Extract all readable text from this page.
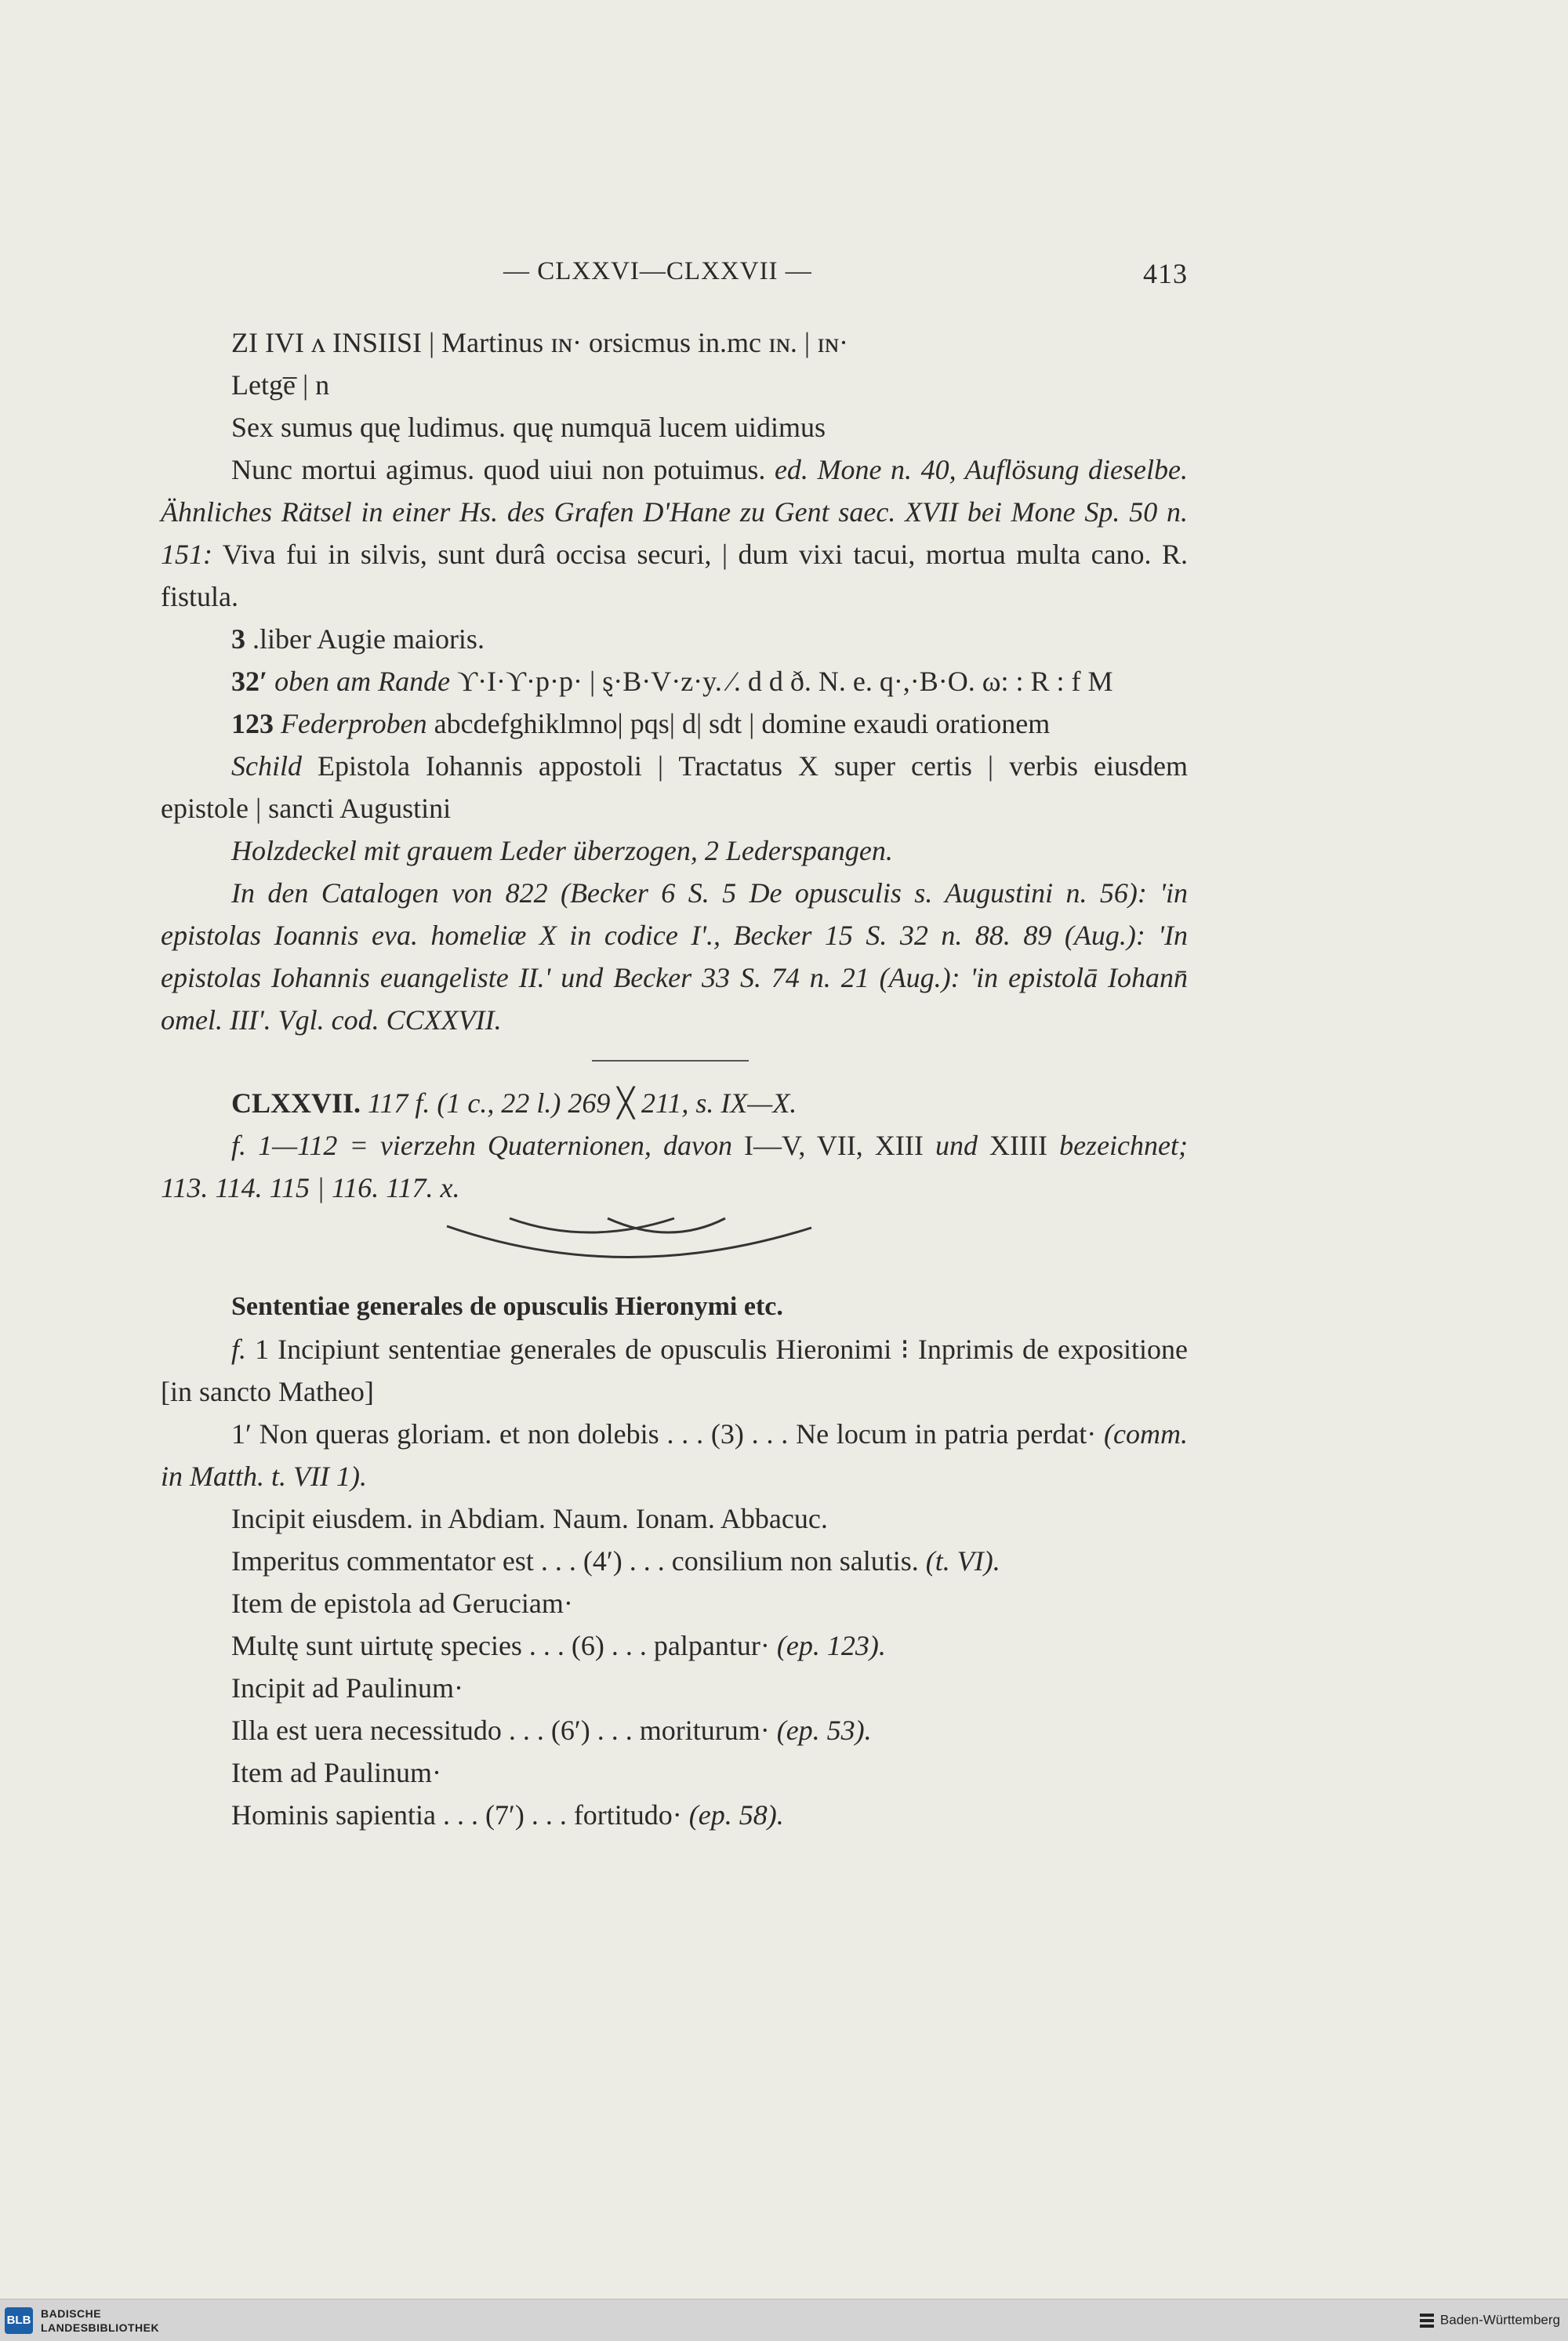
— CLXXVI—CLXXVII —	413

ZI IVI ʌ INSIISI | Martinus ɪɴ· orsicmus in.mc ɪɴ. | ɪɴ·

Letge̅ | n

Sex sumus quę ludimus. quę numquā lucem uidimus

Nunc mortui agimus. quod uiui non potuimus. ed. Mone n. 40, Auflösung dieselbe. Ähnliches Rätsel in einer Hs. des Grafen D'Hane zu Gent saec. XVII bei Mone Sp. 50 n. 151: Viva fui in silvis, sunt durâ occisa securi, | dum vixi tacui, mortua multa cano. R. fistula.

3 .liber Augie maioris.

32′ oben am Rande ϒ·I·ϒ·p·p· | ȿ·B·V·z·y. ⁄. d d ð. N. e. q·,·B·O. ω: : R : f M

123 Federproben abcdefghiklmno| pqs| d| sdt | domine exaudi orationem

Schild Epistola Iohannis appostoli | Tractatus X super certis | verbis eiusdem epistole | sancti Augustini

Holzdeckel mit grauem Leder überzogen, 2 Lederspangen.

In den Catalogen von 822 (Becker 6 S. 5 De opusculis s. Augustini n. 56): 'in epistolas Ioannis eva. homeliæ X in codice I'., Becker 15 S. 32 n. 88. 89 (Aug.): 'In epistolas Iohannis euangeliste II.' und Becker 33 S. 74 n. 21 (Aug.): 'in epistolā Iohann̄ omel. III'. Vgl. cod. CCXXVII.

CLXXVII. 117 f. (1 c., 22 l.) 269 ╳ 211, s. IX—X.

f. 1—112 = vierzehn Quaternionen, davon I—V, VII, XIII und XIIII bezeichnet; 113. 114. 115 | 116. 117. x.

Sententiae generales de opusculis Hieronymi etc.

f. 1 Incipiunt sententiae generales de opusculis Hieronimi ⁝ Inprimis de expositione [in sancto Matheo]

1′ Non queras gloriam. et non dolebis . . . (3) . . . Ne locum in patria perdat· (comm. in Matth. t. VII 1).

Incipit eiusdem. in Abdiam. Naum. Ionam. Abbacuc.

Imperitus commentator est . . . (4′) . . . consilium non salutis. (t. VI).

Item de epistola ad Geruciam·

Multę sunt uirtutę species . . . (6) . . . palpantur· (ep. 123).

Incipit ad Paulinum·

Illa est uera necessitudo . . . (6′) . . . moriturum· (ep. 53).

Item ad Paulinum·

Hominis sapientia . . . (7′) . . . fortitudo· (ep. 58).

BLB BADISCHE
LANDESBIBLIOTHEK
Baden-Württemberg
